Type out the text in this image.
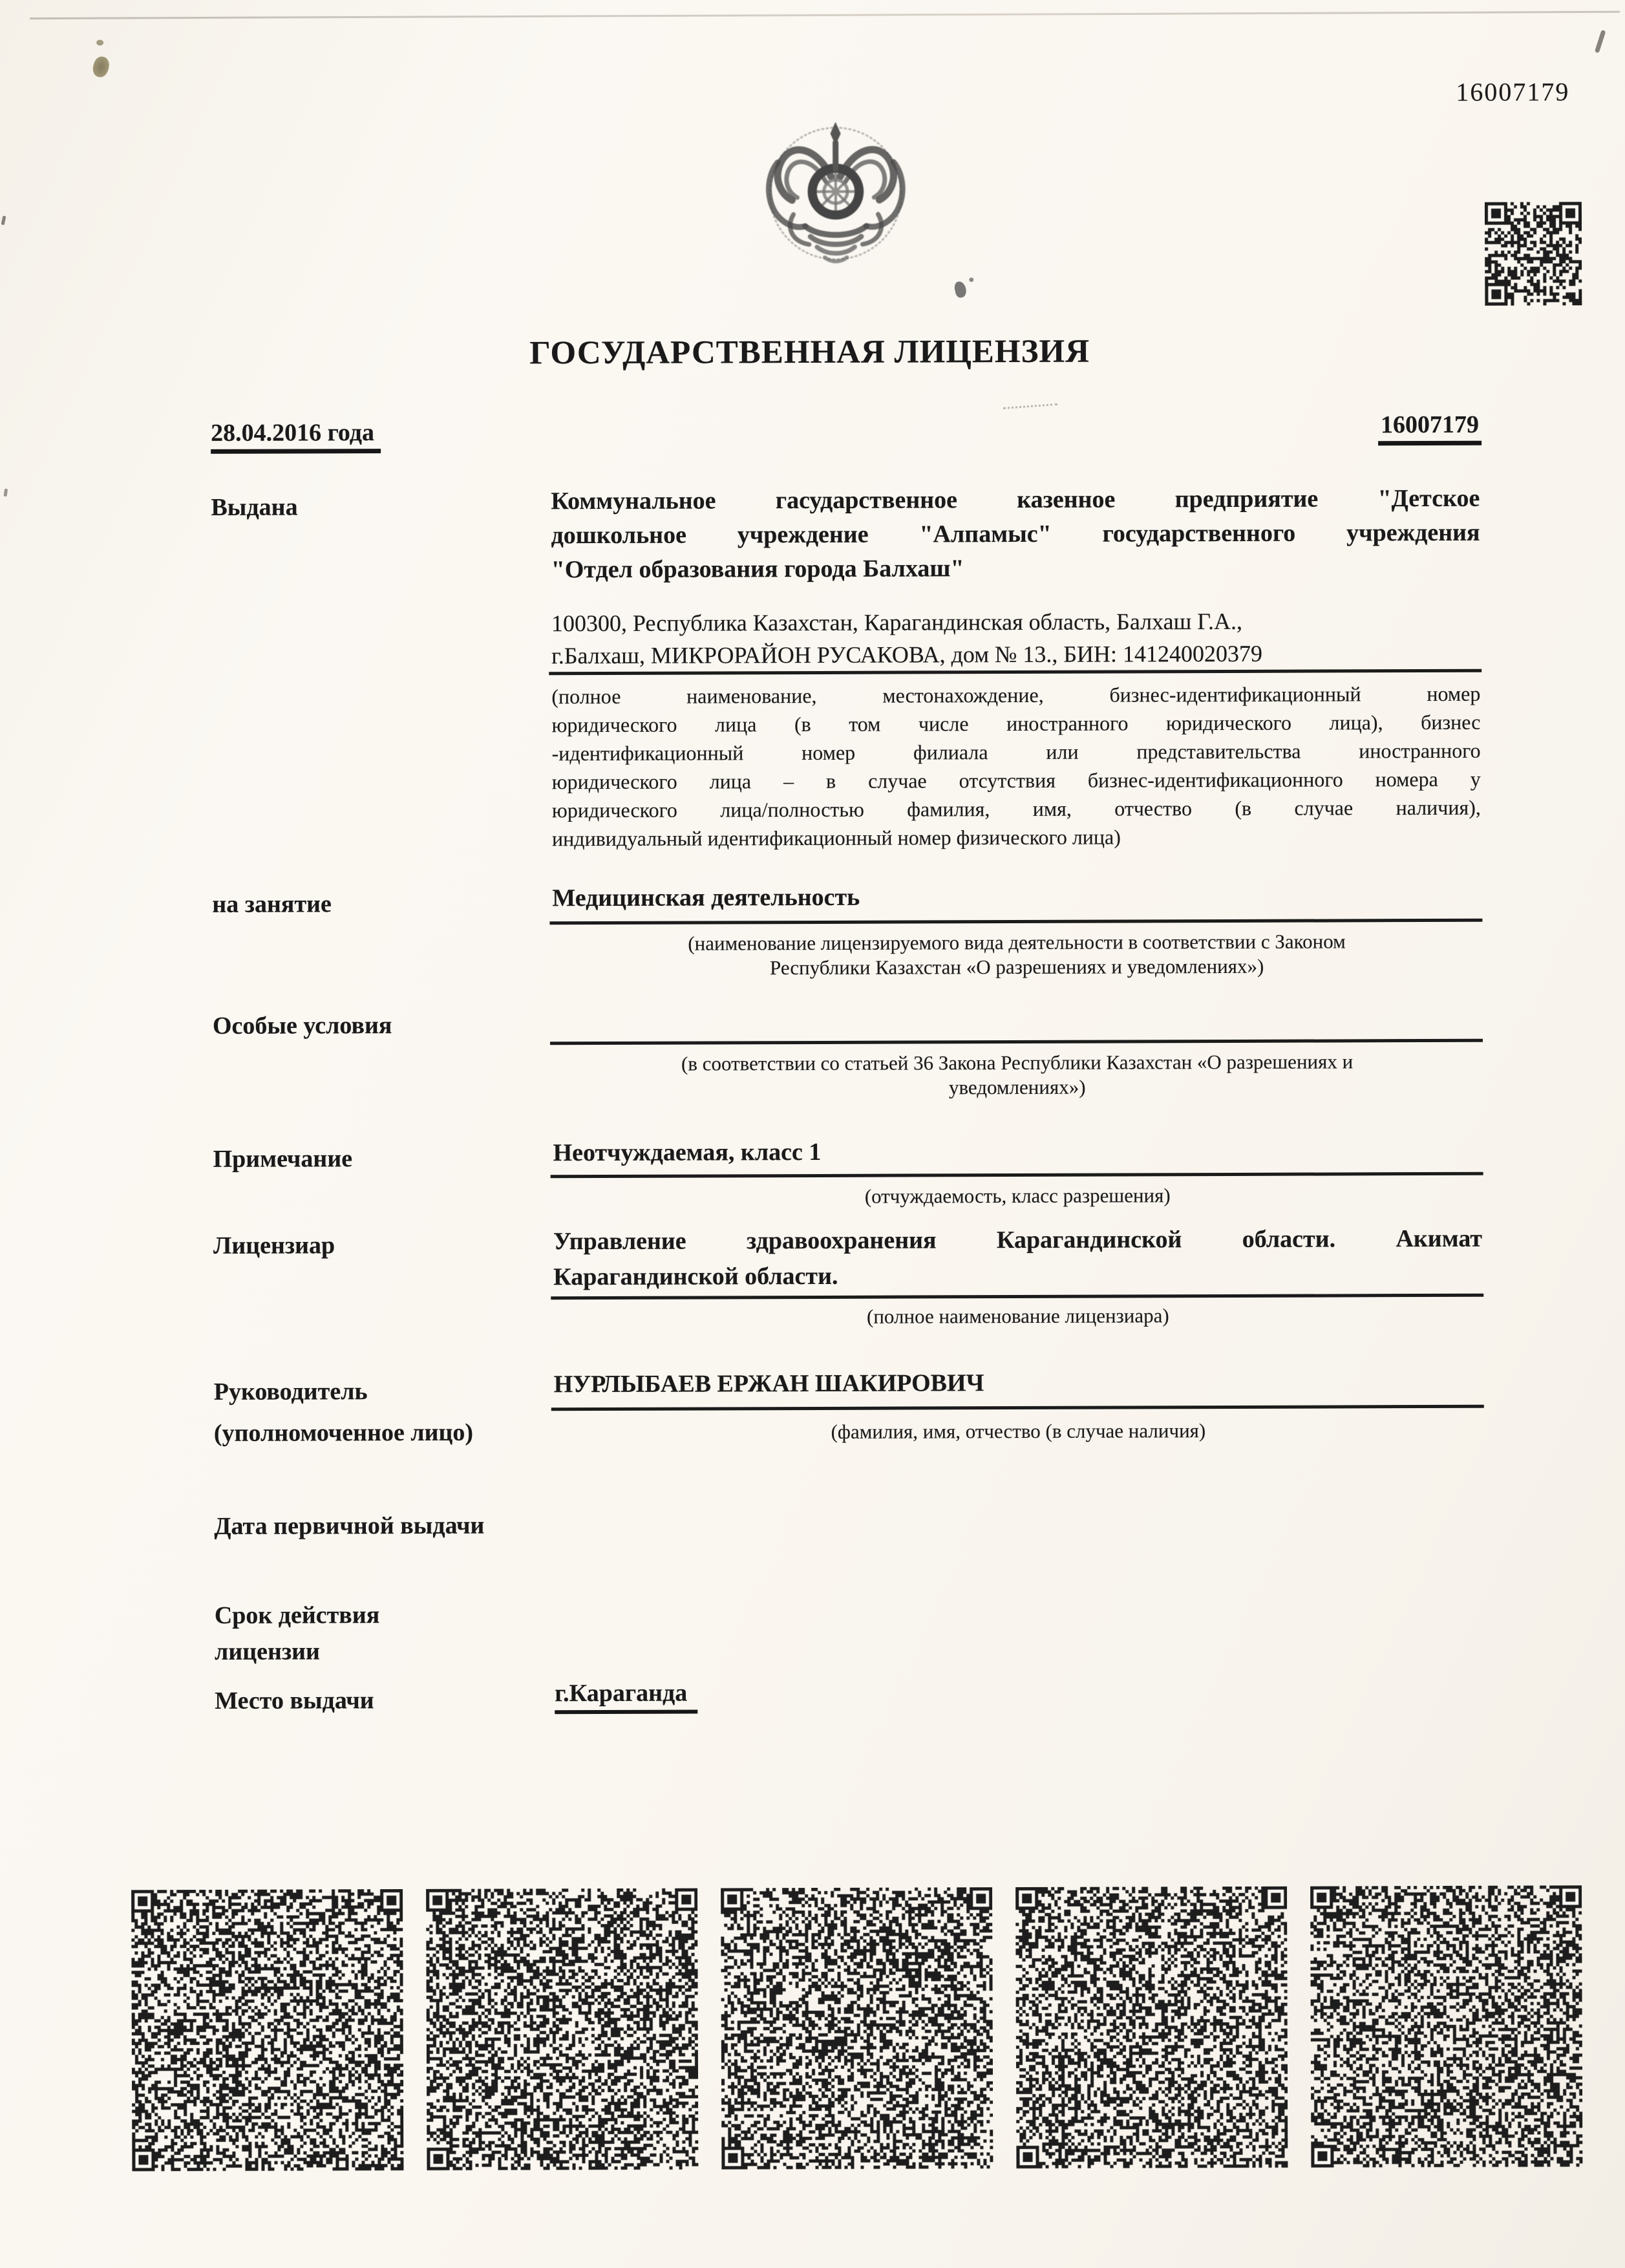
16007179
ГОСУДАРСТВЕННАЯ ЛИЦЕНЗИЯ
28.04.2016 года	16007179
Выдана	Коммунальное гасударственное казенное предприятие "Детское
дошкольное учреждение "Алпамыс" государственного учреждения
"Отдел образования города Балхаш"
100300, Республика Казахстан, Карагандинская область, Балхаш Г.А.,
г.Балхаш, МИКРОРАЙОН РУСАКОВА, дом № 13., БИН: 141240020379
(полное наименование, местонахождение, бизнес-идентификационный номер
юридического лица (в том числе иностранного юридического лица), бизнес
-идентификационный номер филиала или представительства иностранного
юридического лица – в случае отсутствия бизнес-идентификационного номера у
юридического лица/полностью фамилия, имя, отчество (в случае наличия),
индивидуальный идентификационный номер физического лица)
на занятие	Медицинская деятельность
(наименование лицензируемого вида деятельности в соответствии с Законом
Республики Казахстан «О разрешениях и уведомлениях»)
Особые условия
(в соответствии со статьей 36 Закона Республики Казахстан «О разрешениях и
уведомлениях»)
Примечание	Неотчуждаемая, класс 1
(отчуждаемость, класс разрешения)
Лицензиар	Управление здравоохранения Карагандинской области. Акимат
Карагандинской области.
(полное наименование лицензиара)
Руководитель	НУРЛЫБАЕВ ЕРЖАН ШАКИРОВИЧ
(уполномоченное лицо)	(фамилия, имя, отчество (в случае наличия)
Дата первичной выдачи
Срок действия лицензии
Место выдачи	г.Караганда
